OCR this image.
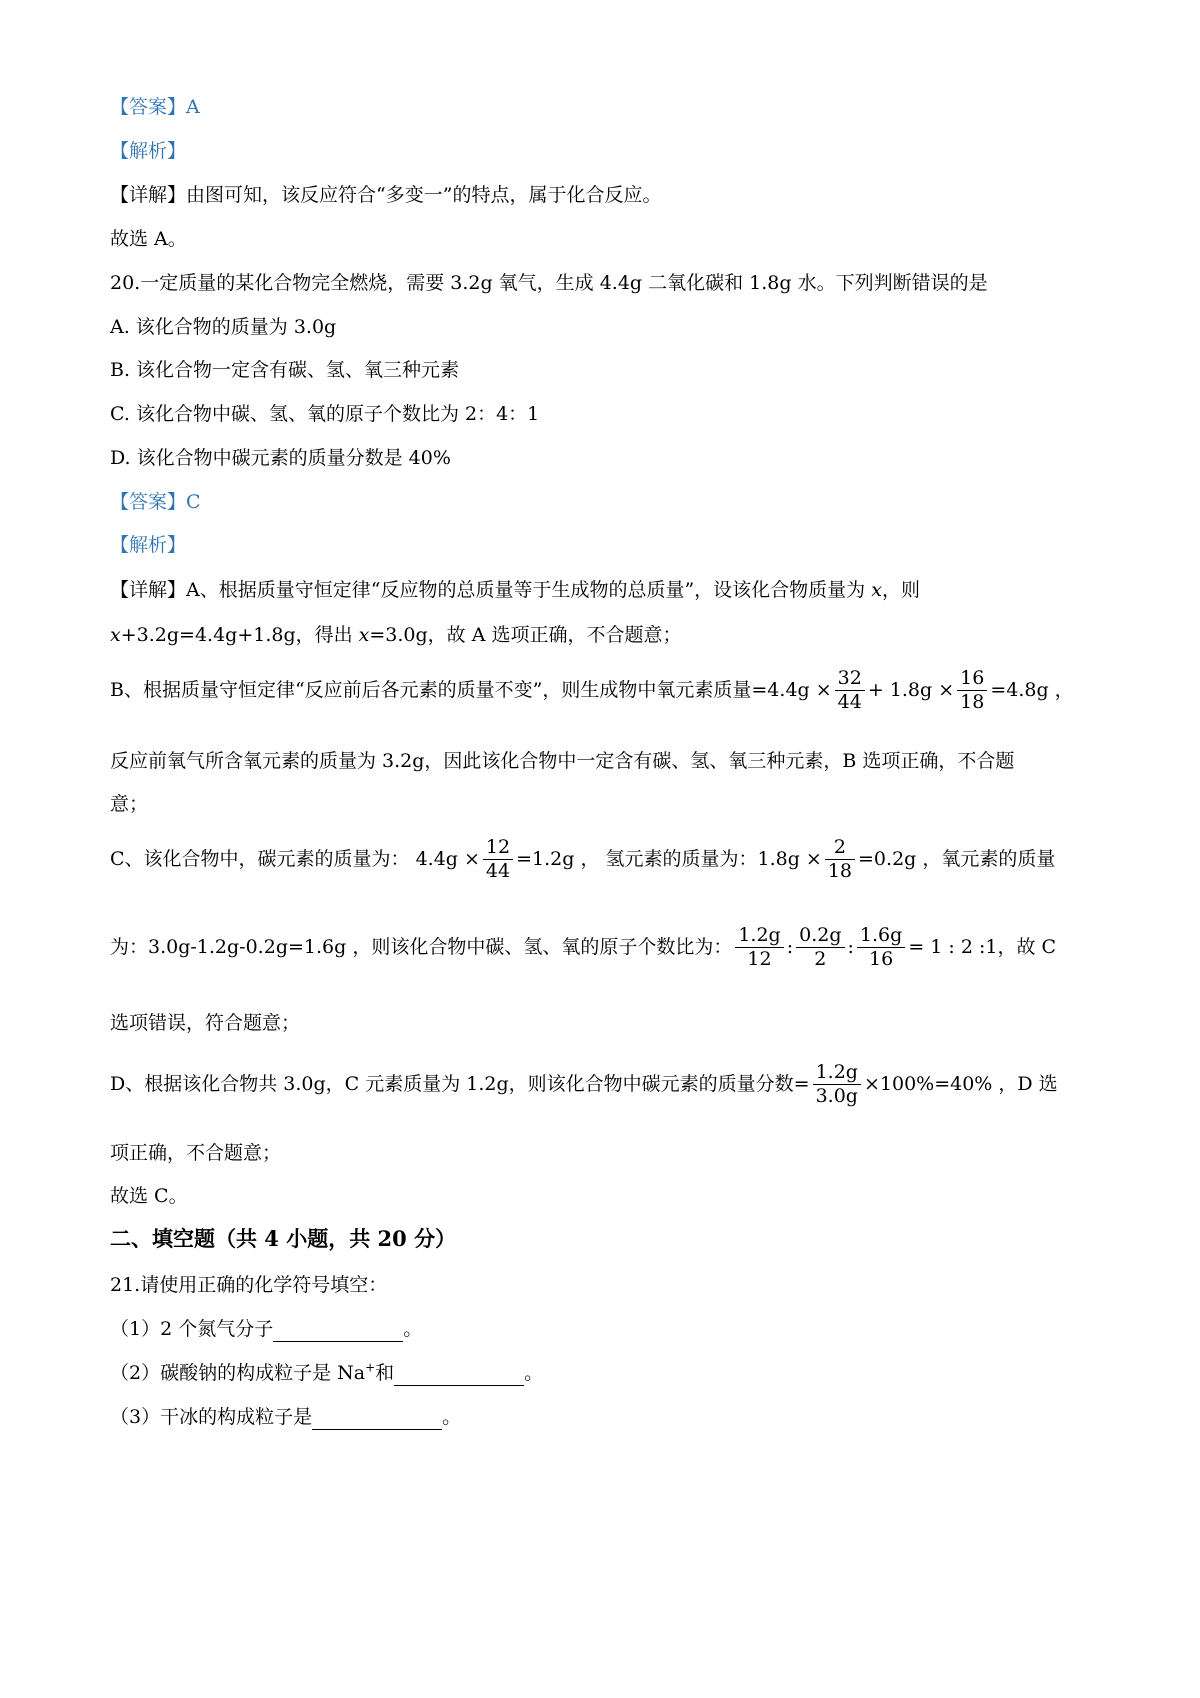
【答案】A
【解析】
【详解】由图可知，该反应符合“多变一”的特点，属于化合反应。
故选 A。
20.一定质量的某化合物完全燃烧，需要 3.2g 氧气，生成 4.4g 二氧化碳和 1.8g 水。下列判断错误的是
A. 该化合物的质量为 3.0g
B. 该化合物一定含有碳、氢、氧三种元素
C. 该化合物中碳、氢、氧的原子个数比为 2：4：1
D. 该化合物中碳元素的质量分数是 40%
【答案】C
【解析】
【详解】A、根据质量守恒定律“反应物的总质量等于生成物的总质量”，设该化合物质量为 x，则
x+3.2g=4.4g+1.8g，得出 x=3.0g，故 A 选项正确，不合题意；
B、根据质量守恒定律“反应前后各元素的质量不变”，则生成物中氧元素质量$=4.4g \times \frac{32}{44} + 1.8g \times \frac{16}{18} =4.8g$ ，
反应前氧气所含氧元素的质量为 3.2g，因此该化合物中一定含有碳、氢、氧三种元素，B 选项正确，不合题
意；
C、该化合物中，碳元素的质量为： $4.4g \times \frac{12}{44} =1.2g$ ， 氢元素的质量为：$1.8g \times \frac{2}{18} =0.2g$ ，氧元素的质量
为：3.0g-1.2g-0.2g=1.6g ，则该化合物中碳、氢、氧的原子个数比为： $\frac{1.2g}{12}$ : $\frac{0.2g}{2}$ : $\frac{1.6g}{16} = 1$ : 2 :1，故 C
选项错误，符合题意；
D、根据该化合物共 3.0g，C 元素质量为 1.2g，则该化合物中碳元素的质量分数= $\frac{1.2g}{3.0g} \times 100\%=40\%$ ，D 选
项正确，不合题意；
故选 C。
二、填空题（共 4 小题，共 20 分）
21.请使用正确的化学符号填空：
（1）2 个氮气分子	。
（2）碳酸钠的构成粒子是 Na+和	。
（3）干冰的构成粒子是	。
